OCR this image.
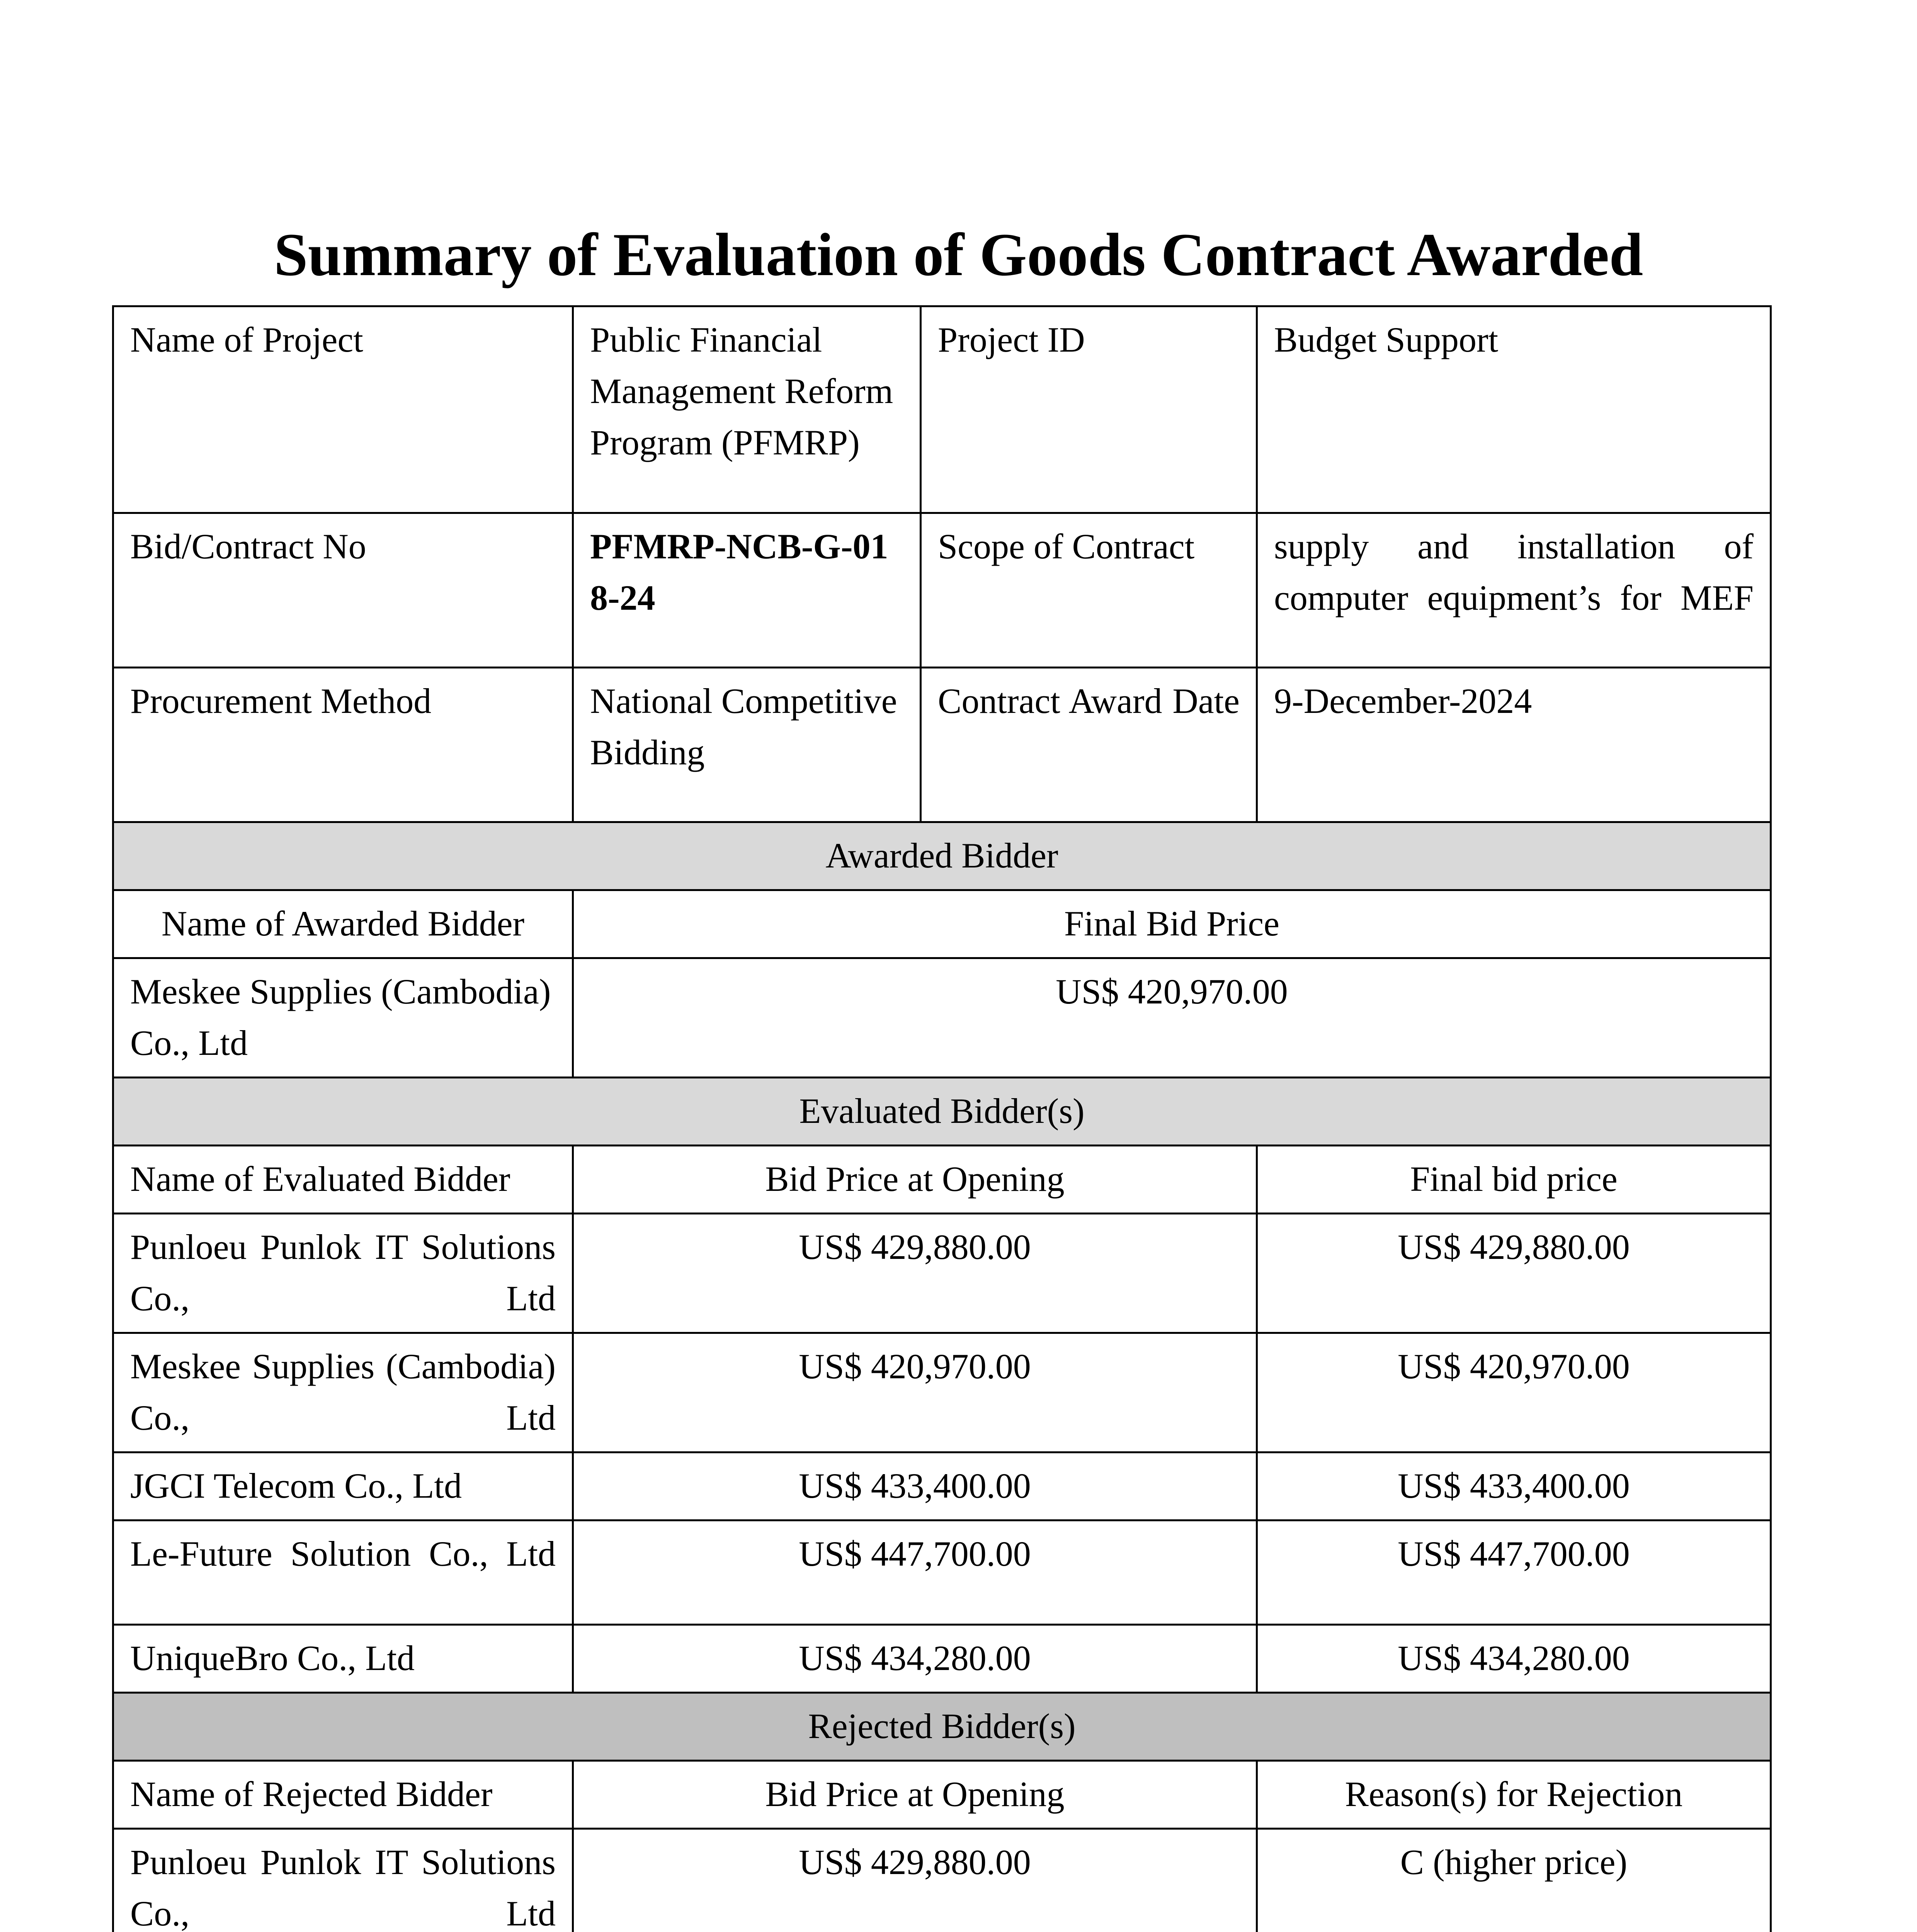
Summary of Evaluation of Goods Contract Awarded
Name of Project	Public Financial Management Reform Program (PFMRP)	Project ID	Budget Support
Bid/Contract No	PFMRP-NCB-G-018-24	Scope of Contract	supply and installation of computer equipment’s for MEF
Procurement Method	National Competitive Bidding	Contract Award Date	9-December-2024
Awarded Bidder			
Name of Awarded Bidder	Final Bid Price		
Meskee Supplies (Cambodia) Co., Ltd	US$ 420,970.00		
Evaluated Bidder(s)			
Name of Evaluated Bidder	Bid Price at Opening		Final bid price
Punloeu Punlok IT Solutions Co., Ltd	US$ 429,880.00		US$ 429,880.00
Meskee Supplies (Cambodia) Co., Ltd	US$ 420,970.00		US$ 420,970.00
JGCI Telecom Co., Ltd	US$ 433,400.00		US$ 433,400.00
Le-Future Solution Co., Ltd	US$ 447,700.00		US$ 447,700.00
UniqueBro Co., Ltd	US$ 434,280.00		US$ 434,280.00
Rejected Bidder(s)			
Name of Rejected Bidder	Bid Price at Opening		Reason(s) for Rejection
Punloeu Punlok IT Solutions Co., Ltd	US$ 429,880.00		C (higher price)
